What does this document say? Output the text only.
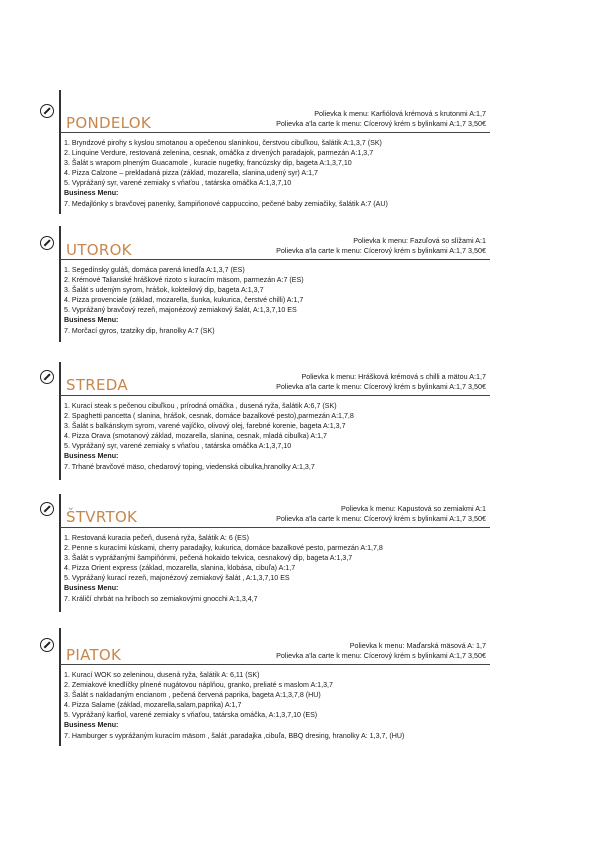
PONDELOK
Polievka k menu: Karfiólová krémová s krutonmi A:1,7
Polievka a'la carte k menu: Cícerový krém s bylinkami A:1,7 3,50€
1. Bryndzové pirohy s kyslou smotanou a opečenou slaninkou, čerstvou cibuľkou, šalátik A:1,3,7 (SK)
2. Linquine Verdure, restovaná zelenina, cesnak, omáčka z drvených paradajok, parmezán A:1,3,7
3. Šalát s wrapom plneným Guacamole , kuracie nugetky, francúzsky dip, bageta A:1,3,7,10
4. Pizza Calzone – prekladaná pizza (základ, mozarella, slanina,udený syr) A:1,7
5. Vyprážaný syr, varené zemiaky s vňaťou , tatárska omáčka A:1,3,7,10
Business Menu:
7. Medajlónky s bravčovej panenky, šampiňonové cappuccino, pečené baby zemiačiky, šalátik A:7 (AU)
UTOROK
Polievka k menu: Fazuľová so slížami A:1
Polievka a'la carte k menu: Cícerový krém s bylinkami A:1,7 3,50€
1. Segedínsky guláš, domáca parená knedľa A:1,3,7 (ES)
2. Krémové Talianské hráškové rizoto s kuracím mäsom, parmezán A:7 (ES)
3. Šalát s udeným syrom, hrášok, kokteilový dip, bageta A:1,3,7
4. Pizza provenciale (základ, mozarella, šunka, kukurica, čerstvé chilli) A:1,7
5. Vyprážaný bravčový rezeň, majonézový zemiakový šalát, A:1,3,7,10 ES
Business Menu:
7. Morčací gyros, tzatziky dip, hranolky A:7 (SK)
STREDA	Polievka k menu: Hrášková krémová s chilli a mätou A:1,7
Polievka a'la carte k menu: Cícerový krém s bylinkami A:1,7 3,50€
1. Kurací steak s pečenou cibuľkou , prírodná omáčka , dusená ryža, šalátik A:6,7 (SK)
2. Spaghetti pancetta ( slanina, hrášok, cesnak, domáce bazalkové pesto),parmezán A:1,7,8
3. Šalát s balkánskym syrom, varené vajíčko, olivový olej, farebné korenie, bageta A:1,3,7
4. Pizza Orava (smotanový základ, mozarella, slanina, cesnak, mladá cibulka) A:1,7
5. Vyprážaný syr, varené zemiaky s vňaťou , tatárska omáčka A:1,3,7,10
Business Menu:
7. Trhané bravčové mäso, chedarový toping, viedenská cibulka,hranolky A:1,3,7
ŠTVRTOK	Polievka k menu: Kapustová so zemiakmi A:1
Polievka a'la carte k menu: Cícerový krém s bylinkami A:1,7 3,50€
1. Restovaná kuracia pečeň, dusená ryža, šalátik A: 6 (ES)
2. Penne s kuracími kúskami, cherry paradajky, kukurica, domáce bazalkové pesto, parmezán A:1,7,8
3. Šalát s vyprážanými šampiňónmi, pečená hokaido tekvica, cesnakový dip, bageta A:1,3,7
4. Pizza Orient express (základ, mozarella, slanina, klobása, cibuľa) A:1,7
5. Vyprážaný kurací rezeň, majonézový zemiakový šalát , A:1,3,7,10 ES
Business Menu:
7. Králičí chrbát na hríboch so zemiakovými gnocchi A:1,3,4,7
PIATOK
Polievka k menu: Maďarská mäsová A: 1,7
Polievka a'la carte k menu: Cícerový krém s bylinkami A:1,7 3,50€
1. Kurací WOK so zeleninou, dusená ryža, šalátik A: 6,11 (SK)
2. Zemiakové knedlíčky plnené nugátovou náplňou, granko, preliaté s maslom A:1,3,7
3. Šalát s nakladaným encianom , pečená červená paprika, bageta A:1,3,7,8 (HU)
4. Pizza Salame (základ, mozarella,salam,paprika) A:1,7
5. Vyprážaný karfiol, varené zemiaky s vňaťou, tatárska omáčka, A:1,3,7,10 (ES)
Business Menu:
7. Hamburger s vyprážaným kuracím mäsom , šalát ,paradajka ,cibuľa, BBQ dresing, hranolky A: 1,3,7, (HU)
